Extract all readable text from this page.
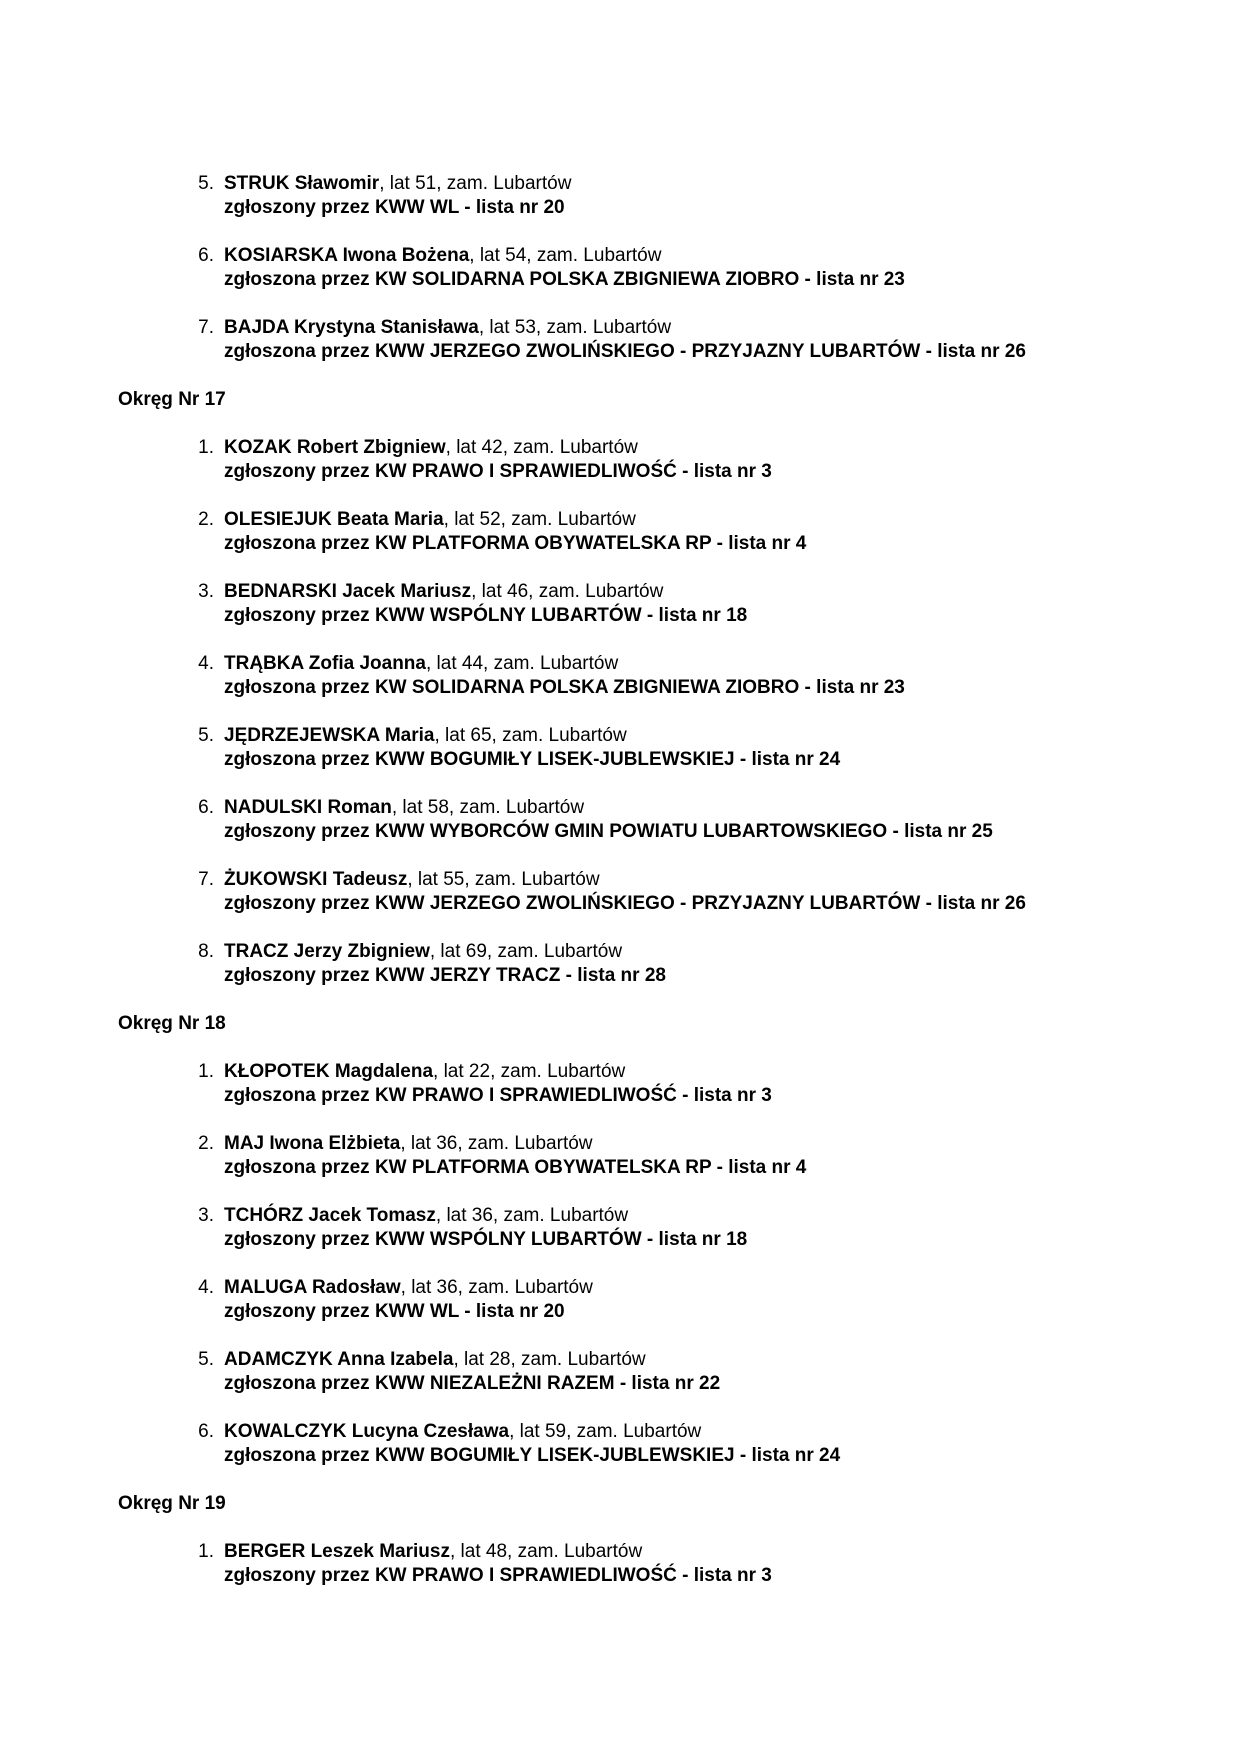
5. STRUK Sławomir, lat 51, zam. Lubartów
zgłoszony przez KWW WL - lista nr 20
6. KOSIARSKA Iwona Bożena, lat 54, zam. Lubartów
zgłoszona przez KW SOLIDARNA POLSKA ZBIGNIEWA ZIOBRO - lista nr 23
7. BAJDA Krystyna Stanisława, lat 53, zam. Lubartów
zgłoszona przez KWW JERZEGO ZWOLIŃSKIEGO - PRZYJAZNY LUBARTÓW - lista nr 26
Okręg Nr 17
1. KOZAK Robert Zbigniew, lat 42, zam. Lubartów
zgłoszony przez KW PRAWO I SPRAWIEDLIWOŚĆ - lista nr 3
2. OLESIEJUK Beata Maria, lat 52, zam. Lubartów
zgłoszona przez KW PLATFORMA OBYWATELSKA RP - lista nr 4
3. BEDNARSKI Jacek Mariusz, lat 46, zam. Lubartów
zgłoszony przez KWW WSPÓLNY LUBARTÓW - lista nr 18
4. TRĄBKA Zofia Joanna, lat 44, zam. Lubartów
zgłoszona przez KW SOLIDARNA POLSKA ZBIGNIEWA ZIOBRO - lista nr 23
5. JĘDRZEJEWSKA Maria, lat 65, zam. Lubartów
zgłoszona przez KWW BOGUMIŁY LISEK-JUBLEWSKIEJ - lista nr 24
6. NADULSKI Roman, lat 58, zam. Lubartów
zgłoszony przez KWW WYBORCÓW GMIN POWIATU LUBARTOWSKIEGO - lista nr 25
7. ŻUKOWSKI Tadeusz, lat 55, zam. Lubartów
zgłoszony przez KWW JERZEGO ZWOLIŃSKIEGO - PRZYJAZNY LUBARTÓW - lista nr 26
8. TRACZ Jerzy Zbigniew, lat 69, zam. Lubartów
zgłoszony przez KWW JERZY TRACZ - lista nr 28
Okręg Nr 18
1. KŁOPOTEK Magdalena, lat 22, zam. Lubartów
zgłoszona przez KW PRAWO I SPRAWIEDLIWOŚĆ - lista nr 3
2. MAJ Iwona Elżbieta, lat 36, zam. Lubartów
zgłoszona przez KW PLATFORMA OBYWATELSKA RP - lista nr 4
3. TCHÓRZ Jacek Tomasz, lat 36, zam. Lubartów
zgłoszony przez KWW WSPÓLNY LUBARTÓW - lista nr 18
4. MALUGA Radosław, lat 36, zam. Lubartów
zgłoszony przez KWW WL - lista nr 20
5. ADAMCZYK Anna Izabela, lat 28, zam. Lubartów
zgłoszona przez KWW NIEZALEŻNI RAZEM - lista nr 22
6. KOWALCZYK Lucyna Czesława, lat 59, zam. Lubartów
zgłoszona przez KWW BOGUMIŁY LISEK-JUBLEWSKIEJ - lista nr 24
Okręg Nr 19
1. BERGER Leszek Mariusz, lat 48, zam. Lubartów
zgłoszony przez KW PRAWO I SPRAWIEDLIWOŚĆ - lista nr 3
